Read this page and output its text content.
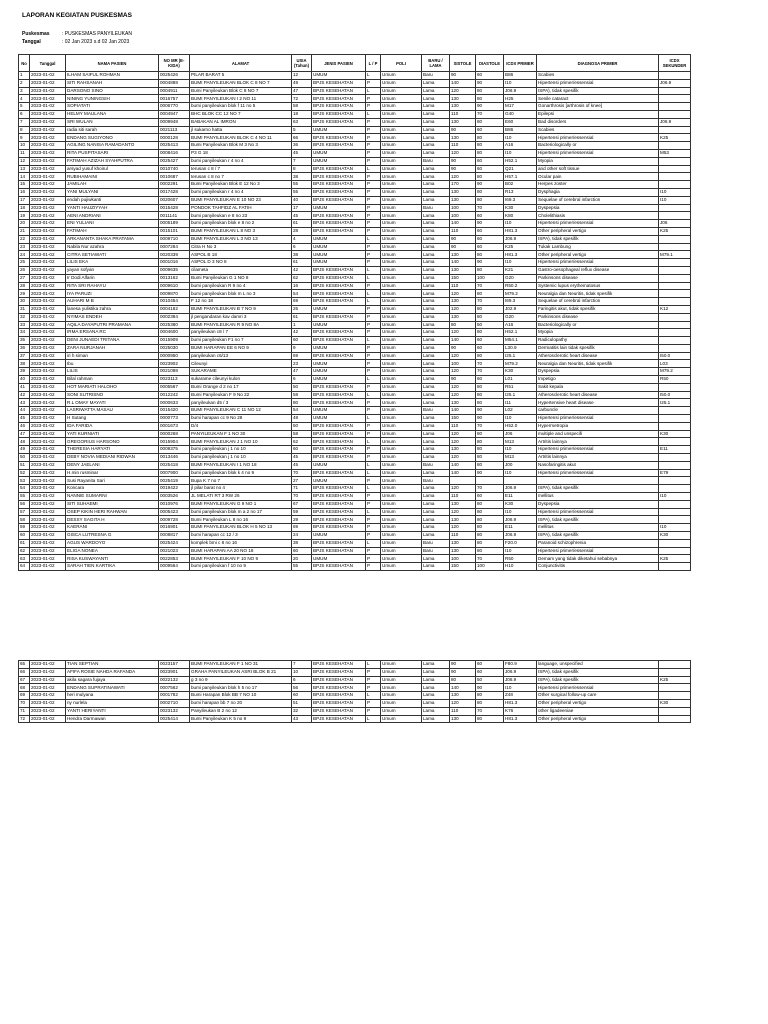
LAPORAN KEGIATAN PUSKESMAS
Puskesmas : PUSKESMAS PANYILEUKAN
Tanggal	: 02 Jan 2023 s.d 02 Jan 2023
No	Tanggal	NAMA PASIEN	NO MR (E-KIDA)	ALAMAT	USIA (Tahun)	JENIS PASIEN	L / P	POLI	BARU / LAMA	SISTOLE	DIASTOLE	ICDX PRIMER	DIAGNOSA PRIMER	ICDX SEKUNDER
1	2023-01-02	ILHAM SAIFUL ROHMAN	0025426	PILAR BARAT 5	12	UMUM	L	Umum	Baru	90	60	B86	Scabies	
2	2023-01-02	SITI RAHSANAH	0004888	BUMI PANYILEUKAN BLOK C 8 NO 7	49	BPJS KESEHATAN	P	Umum	Lama	140	90	I10	Hipertensi primer/essensial	J06.9
3	2023-01-02	DARSONO SINO	0004911	Bumi Panyileukan Blok C 8 NO 7	47	BPJS KESEHATAN	L	Umum	Lama	120	80	J06.9	ISPA), tidak spesifik	
4	2023-01-02	NINING YUNINGSIH	0016757	BUMI PANYILEUKAN I 2 NO 11	72	BPJS KESEHATAN	P	Umum	Lama	130	80	H25	Senile cataract	
5	2023-01-02	SOPIATATI	0006770	bumi panyileukan blok f 11 no 5	58	BPJS KESEHATAN	P	Umum	Lama	130	90	M17	Gonarthrosis [arthrosis of knee]	
6	2023-01-02	HELMY MAULANA	0004947	BHC BLOK CC 12 NO 7	18	BPJS KESEHATAN	L	Umum	Lama	110	70	G40	Epilepsi	
7	2023-01-02	SRI WULAN	0009948	BABAKAN AL IMRON	63	BPJS KESEHATAN	P	Umum	Lama	130	80	E60	Bad disorders	J06.9
8	2023-01-02	radia siti sarah	0021113	jl sukarno hatta	5	UMUM	P	Umum	Lama	90	60	B86	Scabies	
9	2023-01-02	ENDANG SUGIYONO	0000128	BUMI PANYILEUKAN BLOK C 4 NO 11	66	BPJS KESEHATAN	P	Umum	Lama	130	80	I10	Hipertensi primer/essensial	K25
10	2023-01-02	AGILING NANISA RAMADANTO	0025413	Bumi Panyileukan Blok M 3 No 3	36	BPJS KESEHATAN	P	Umum	Lama	110	80	A16	Bacteriologically or	
11	2023-01-02	RITA PUSPITASARI	0008416	P3 G 18	45	UMUM	P	Umum	Lama	120	80	I10	Hipertensi primer/essensial	M53
12	2023-01-02	FATIMAH AZIZAH SYAHPUTRA	0025427	bumi panyileukan r 4 no 4	7	UMUM	P	Umum	Baru	90	60	H52.1	Myopia	
13	2023-01-02	arsyad yusuf khoirul	0010740	terusan c 8 / 7	8	BPJS KESEHATAN	L	Umum	Lama	90	60	Q21	and other soft tissue	
14	2023-01-02	RUBIHAMAINI	0010687	terusan c 8 no 7	38	BPJS KESEHATAN	P	Umum	Lama	120	80	H57.1	Ocular pain	
15	2023-01-02	JAMILAH	0002291	Bumi Panyileukan Blok E 12 No 3	55	BPJS KESEHATAN	P	Umum	Lama	170	90	B02	Herpes zoster	
16	2023-01-02	YANI MULYANI	0017428	bumi panyileukan r 4 no 4	55	BPJS KESEHATAN	P	Umum	Lama	130	80	R13	Dysphagia	I10
17	2023-01-02	endah pujiwkanti	0020607	BUMI PANYILEUKAN E 10 NO 23	40	BPJS KESEHATAN	P	Umum	Lama	130	80	I69.3	Sequelae of cerebral infarction	I10
18	2023-01-02	YANTI HAUZIYYAH	0015428	PONDOK TAHFIDZ AL FATIH	17	UMUM	P	Umum	Baru	100	70	K30	Dyspepsia	
19	2023-01-02	AENI ANDRIANI	0011141	bumi panyileukan e 8 no 23	45	BPJS KESEHATAN	P	Umum	Lama	100	60	K80	Cholelithiasis	
20	2023-01-02	ENI YULIANI	0005189	bumi panyileukan blok e 8 no 2	61	BPJS KESEHATAN	P	Umum	Lama	140	90	I10	Hipertensi primer/essensial	J06
21	2023-01-02	FATIMAH	0015101	BUMI PANYILEUKAN L 8 NO 3	28	BPJS KESEHATAN	P	Umum	Lama	110	60	H81.3	Other peripheral vertigo	K25
22	2023-01-02	ARKANANTA SHAKA PRATAMA	0009710	BUMI PANYILEUKAN L 3 NO 13	4	UMUM	L	Umum	Lama	90	60	J06.9	ISPA), tidak spesifik	
23	2023-01-02	Nabila Nur azahra	0007284	Citra H No 3	6	UMUM	P	Umum	Lama	90	60	K25	Tukak Lambung	
24	2023-01-02	CITRA SETIAWATI	0020339	ASPOL B 18	38	UMUM	P	Umum	Lama	130	80	H81.3	Other peripheral vertigo	M79.1
25	2023-01-02	LILIS EKA	0001016	ASPOL D 3 NO 8	61	UMUM	P	Umum	Lama	140	90	I10	Hipertensi primer/essensial	
26	2023-01-02	yayan sofyan	0009635	cilameta	42	BPJS KESEHATAN	L	Umum	Lama	130	80	K21	Gastro-oesophageal reflux disease	
27	2023-01-02	Ir Dodi Alfarin	0013162	Bumi Panyileukan G 1 NO 8	62	BPJS KESEHATAN	L	Umum	Lama	150	100	G20	Parkinsons disease	
28	2023-01-02	RITA SRI RAHAYU	0009610	bumi panyileukan R 9 no 4	16	BPJS KESEHATAN	P	Umum	Lama	110	70	R50.2	Systemic lupus erythematosus	
29	2023-01-02	IYA PARUZI	0009870	bumi panyileukan blok m L no 3	54	BPJS KESEHATAN	L	Umum	Lama	120	80	M79.2	Neuralgia dan Neuritis, tidak spesifik	
30	2023-01-02	AUHARI M B	0010454	F 12 no 18	69	BPJS KESEHATAN	L	Umum	Lama	130	70	I69.3	Sequelae of cerebral infarction	
31	2023-01-02	lanesa yulistika zahra	0004182	BUMI PANYILEUKAN B 7 NO 9	25	UMUM	P	Umum	Lama	120	80	J02.9	Faringitis akut, tidak spesifik	K12
32	2023-01-02	NYIMAS ENDEH	0002384	jl pengandaran kav damri 3	61	BPJS KESEHATAN	P	Umum	Lama	130	80	G20	Parkinsons disease	
33	2023-01-02	AQILA DAYAPUTRI PRAMANA	0025380	BUMI PANYILEUKAN R 9 NO 8A	1	UMUM	P	Umum	Lama	80	50	A16	Bacteriologically or	
34	2023-01-02	IRMA ERSANA RC	0004600	panyileukan c8 / 7	42	BPJS KESEHATAN	P	Umum	Lama	120	80	H52.1	Myopia	
35	2023-01-02	DENI JUNAEDI TRITANA	0015909	bumi panyileukan F1 no 7	60	BPJS KESEHATAN	L	Umum	Lama	140	60	M54.1	Radiculopathy	
36	2023-01-02	ZARA NURJANAH	0025030	BUMI HARAPAN EE 6 NO 9	9	UMUM	P	Umum	Lama	90	60	L30.9	Dermatitis lain tidak spesifik	
37	2023-01-02	iri h siman	0000950	panyileukan c6/13	69	BPJS KESEHATAN	P	Umum	Lama	120	80	I25.1	Atherosclerotic heart disease	I50.0
38	2023-01-02	Ibu	0023902	Cileunyi	23	UMUM	P	Umum	Lama	100	70	M79.2	Neuralgia dan Neuritis, tidak spesifik	L03
39	2023-01-02	LILIS	0021098	SUKARAME	47	UMUM	P	Umum	Lama	120	70	K30	Dyspepsia	M79.2
40	2023-01-02	Bilal rahman	0023113	sukarame cileunyi kulon	6	UMUM	L	Umum	Lama	90	60	L01	Impetigo	R50
41	2023-01-02	HOT MARIATI HALOHO	0005567	Bumi Orange d 2 no 17	50	BPJS KESEHATAN	P	Umum	Lama	120	80	R51	Sakit kepala	
42	2023-01-02	SONI SUTRISNO	0012242	Bumi Panyileukan F 9 No 22	58	BPJS KESEHATAN	L	Umum	Lama	120	80	I25.1	Atherosclerotic heart disease	I50.0
43	2023-01-02	R.L OMAY MAYATI	0000633	panyileukan d5 / 3	80	BPJS KESEHATAN	P	Umum	Lama	130	80	I11	Hypertensive heart disease	I25.1
44	2023-01-02	LASRIWATTA MASAU	0015420	BUMI PANYILEUKAN C 11 NO 12	54	UMUM	P	Umum	Baru	140	90	L02	carbuncle	
45	2023-01-02	H Sutang	0000773	bumi harapan cc 9 No 28	48	UMUM	L	Umum	Lama	150	90	I10	Hipertensi primer/essensial	
46	2023-01-02	IDA FARIDA	0001673	D/4	50	BPJS KESEHATAN	P	Umum	Lama	110	70	H52.0	Hypermetropia	
47	2023-01-02	YATI KURNIATI	0000268	PANYILEUKAN F 1 NO 30	58	BPJS KESEHATAN	P	Umum	Lama	120	80	J06	multiple and unspecifi	K30
48	2023-01-02	GREGORIUS HARSONO	0015904	BUMI PANYILEUKAN J 1 NO 10	62	BPJS KESEHATAN	L	Umum	Lama	120	80	M13	Artritis lainnya	
49	2023-01-02	THERESIA HARYATI	0009375	bumi panyileukan j 1 no 10	60	BPJS KESEHATAN	P	Umum	Lama	130	80	I10	Hipertensi primer/essensial	E11
50	2023-01-02	DEBY NOVIA MEDIANI RIDWAN	0013446	bumi panyileukan j 1 no 10	45	BPJS KESEHATAN	P	Umum	Lama	120	80	M13	Artritis lainnya	
51	2023-01-02	DENY JAELANI	0025418	BUMI PANYILEUKAN I 1 NO 18	45	UMUM	L	Umum	Baru	140	80	J00	Nasofaringitis akut	
52	2023-01-02	H.min rusminar	0007900	bumi panyileukan blok k 4 no 9	70	BPJS KESEHATAN	L	Umum	Lama	140	90	I10	Hipertensi primer/essensial	E79
53	2023-01-02	Susi Rayanita Sari	0025419	Bupa K 7 no 7	27	UMUM	P	Umum	Baru					
54	2023-01-02	Koncara	0019422	jl pilar barat no 4	71	BPJS KESEHATAN	L	Umum	Lama	120	70	J06.9	ISPA), tidak spesifik	
55	2023-01-02	NANNIE SUMARNI	0003526	JL MELATI RT 3 RW 26	70	BPJS KESEHATAN	P	Umum	Lama	110	60	E11	mellitus	I10
56	2023-01-02	SITI SUHAEMI	0010976	BUMI PANYILEUKAN G 9 NO 1	67	BPJS KESEHATAN	P	Umum	Lama	130	80	K30	Dyspepsia	
57	2023-01-02	OSEP KIKIN HERI RAHWAN	0005423	bumi panyileukan blok m a 2 no 17	59	BPJS KESEHATAN	L	Umum	Lama	120	80	I10	Hipertensi primer/essensial	
58	2023-01-02	DESSY SAGITA H	0009728	Bumi Panyileukan L 8 no 16	29	BPJS KESEHATAN	P	Umum	Lama	130	80	J06.9	ISPA), tidak spesifik	
59	2023-01-02	KAERANI	0016901	BUMI PANYILEUKAN BLOK H 5 NO 13	69	BPJS KESEHATAN	P	Umum	Lama	120	80	E11	mellitus	I10
60	2023-01-02	GISCA LUTRESNA G	0008817	bumi harapan cc 12 / 3	24	UMUM	P	Umum	Lama	110	80	J06.9	ISPA), tidak spesifik	K30
61	2023-01-02	AGUS WARDOYO	0025424	komplek bmi c 8 no 16	38	BPJS KESEHATAN	L	Umum	Baru	130	80	F20.0	Paranoid schizophrenia	
62	2023-01-02	ELIGA NONEA	0021023	BUMI HARAPAN AA 20 NO 18	60	BPJS KESEHATAN	P	Umum	Baru	130	80	I10	Hipertensi primer/essensial	
63	2023-01-02	RISA KUSWAYANTI	0022853	BUMI PANYILEUKAN F 10 NO 9	20	UMUM	P	Umum	Lama	100	70	R50	Demam yang tidak diketahui sebabnya	K25
64	2023-01-02	SARAH TIEN KARTIKA	0009564	bumi panyileukan f 10 no 9	55	BPJS KESEHATAN	P	Umum	Lama	150	100	H10	Conjunctivitis	
65	2023-01-02	TIAN SEPTIAN	0023157	BUMI PANYILEUKAN F 1 NO 31	7	BPJS KESEHATAN	L	Umum	Lama	90	60	F80.9	language, unspecified	
66	2023-01-02	AFIFA ROSIE NAHDA RAFANDA	0023901	GRAHA PANYILEUKAN ASRI BLOK B 21	10	BPJS KESEHATAN	P	Umum	Lama	90	60	J06.9	ISPA), tidak spesifik	
67	2023-01-02	akila sagara fujaya	0022132	g 3 no 9	6	BPJS KESEHATAN	P	Umum	Lama	80	50	J06.9	ISPA), tidak spesifik	K25
68	2023-01-02	ENDANG SUPRATINAWATI	0007562	bumi panyileukan blok h 5 no 17	56	BPJS KESEHATAN	P	Umum	Lama	140	90	I10	Hipertensi primer/essensial	
69	2023-01-02	heri mulyana	0001782	Bumi Harapan Blok BB 7 NO 10	60	BPJS KESEHATAN	L	Umum	Lama	130	80	Z48	Other surgical follow-up care	
70	2023-01-02	ny nurlela	0002710	bumi harapan bb 7 no 20	51	BPJS KESEHATAN	P	Umum	Lama	120	80	H81.3	Other peripheral vertigo	K30
71	2023-01-02	YANTI HERIYANTI	0023132	Panyileukan B 2 no 12	32	BPJS KESEHATAN	P	Umum	Lama	110	70	K76	other ligadeeniae	
72	2023-01-02	Hendra Darmawan	0025414	Bumi Panyileukan K 5 no 9	43	BPJS KESEHATAN	L	Umum	Lama	130	80	H81.3	Other peripheral vertigo	
